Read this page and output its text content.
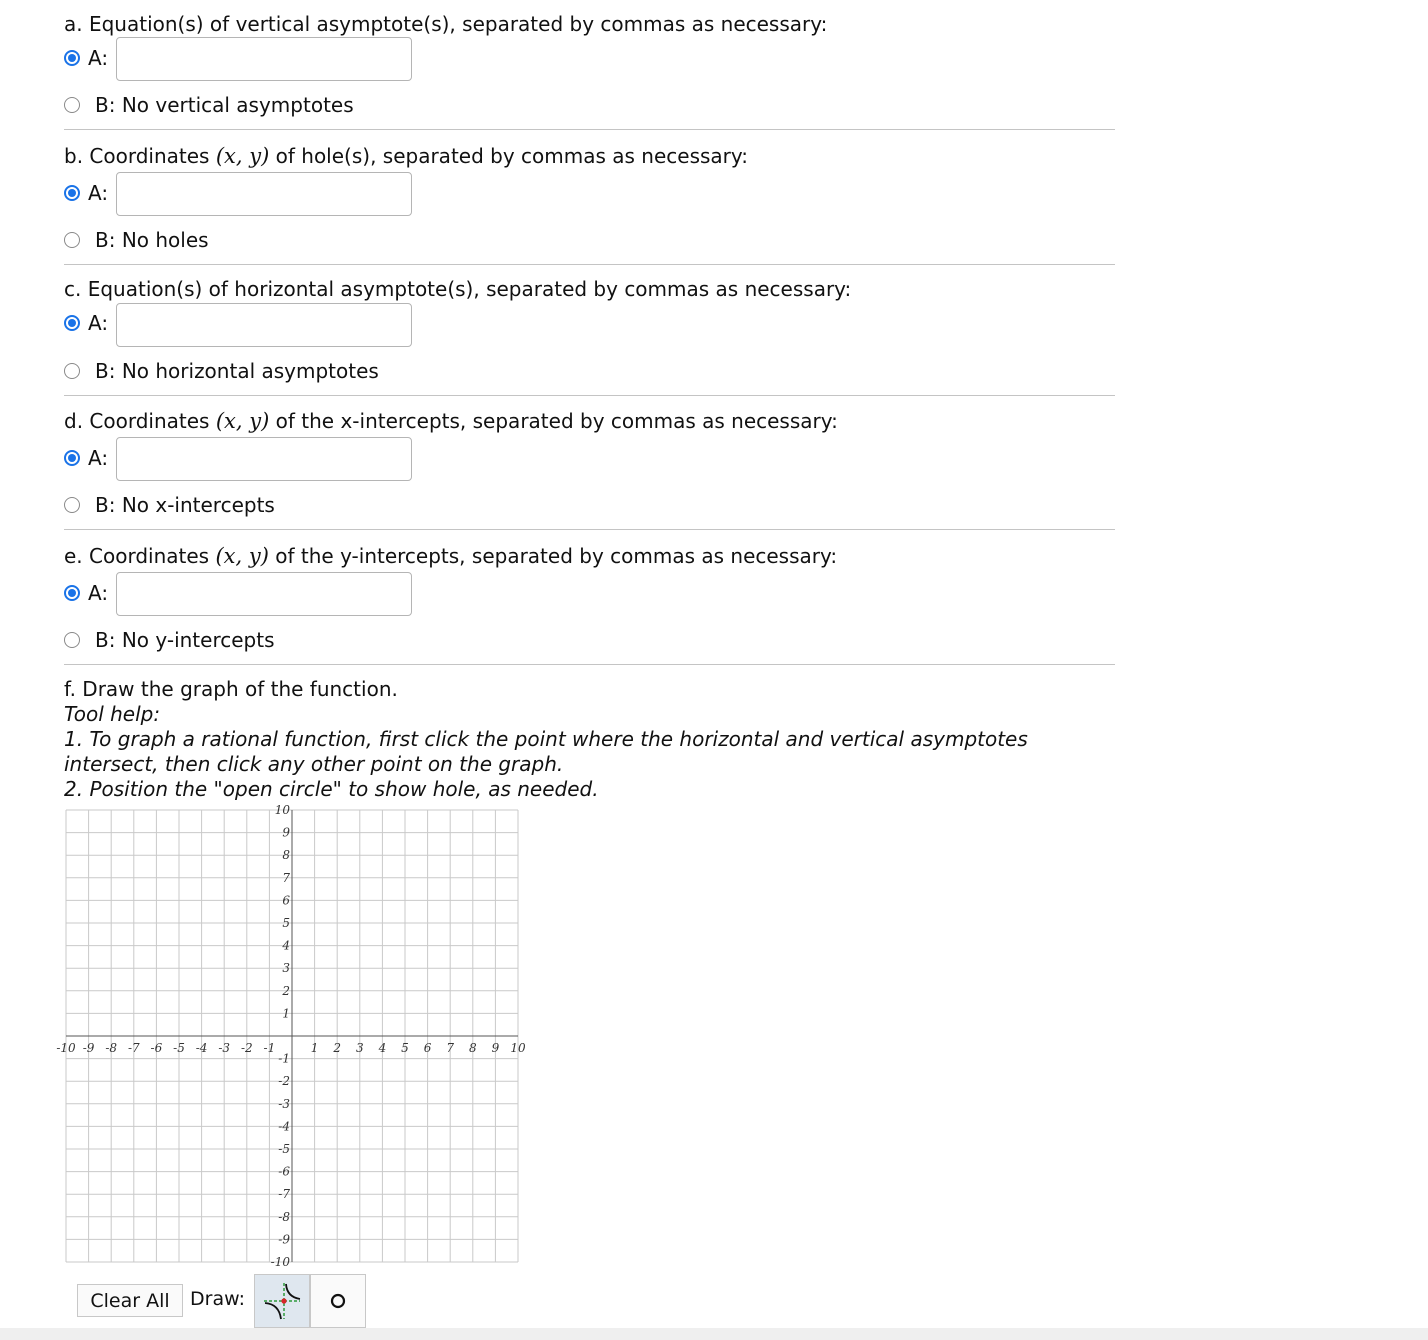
a. Equation(s) of vertical asymptote(s), separated by commas as necessary:
A:
B: No vertical asymptotes
b. Coordinates (x, y) of hole(s), separated by commas as necessary:
A:
B: No holes
c. Equation(s) of horizontal asymptote(s), separated by commas as necessary:
A:
B: No horizontal asymptotes
d. Coordinates (x, y) of the x-intercepts, separated by commas as necessary:
A:
B: No x-intercepts
e. Coordinates (x, y) of the y-intercepts, separated by commas as necessary:
A:
B: No y-intercepts
f. Draw the graph of the function.
Tool help:
1. To graph a rational function, first click the point where the horizontal and vertical asymptotes
intersect, then click any other point on the graph.
2. Position the "open circle" to show hole, as needed.
-10 -9 -8 -7 -6 -5 -4 -3 -2 -1	1 2 3 4 5 6 7 8 9 10
10
9
8
7
6
5
4
3
2
1
-1
-2
-3
-4
-5
-6
-7
-8
-9
-10
Clear All	Draw:
